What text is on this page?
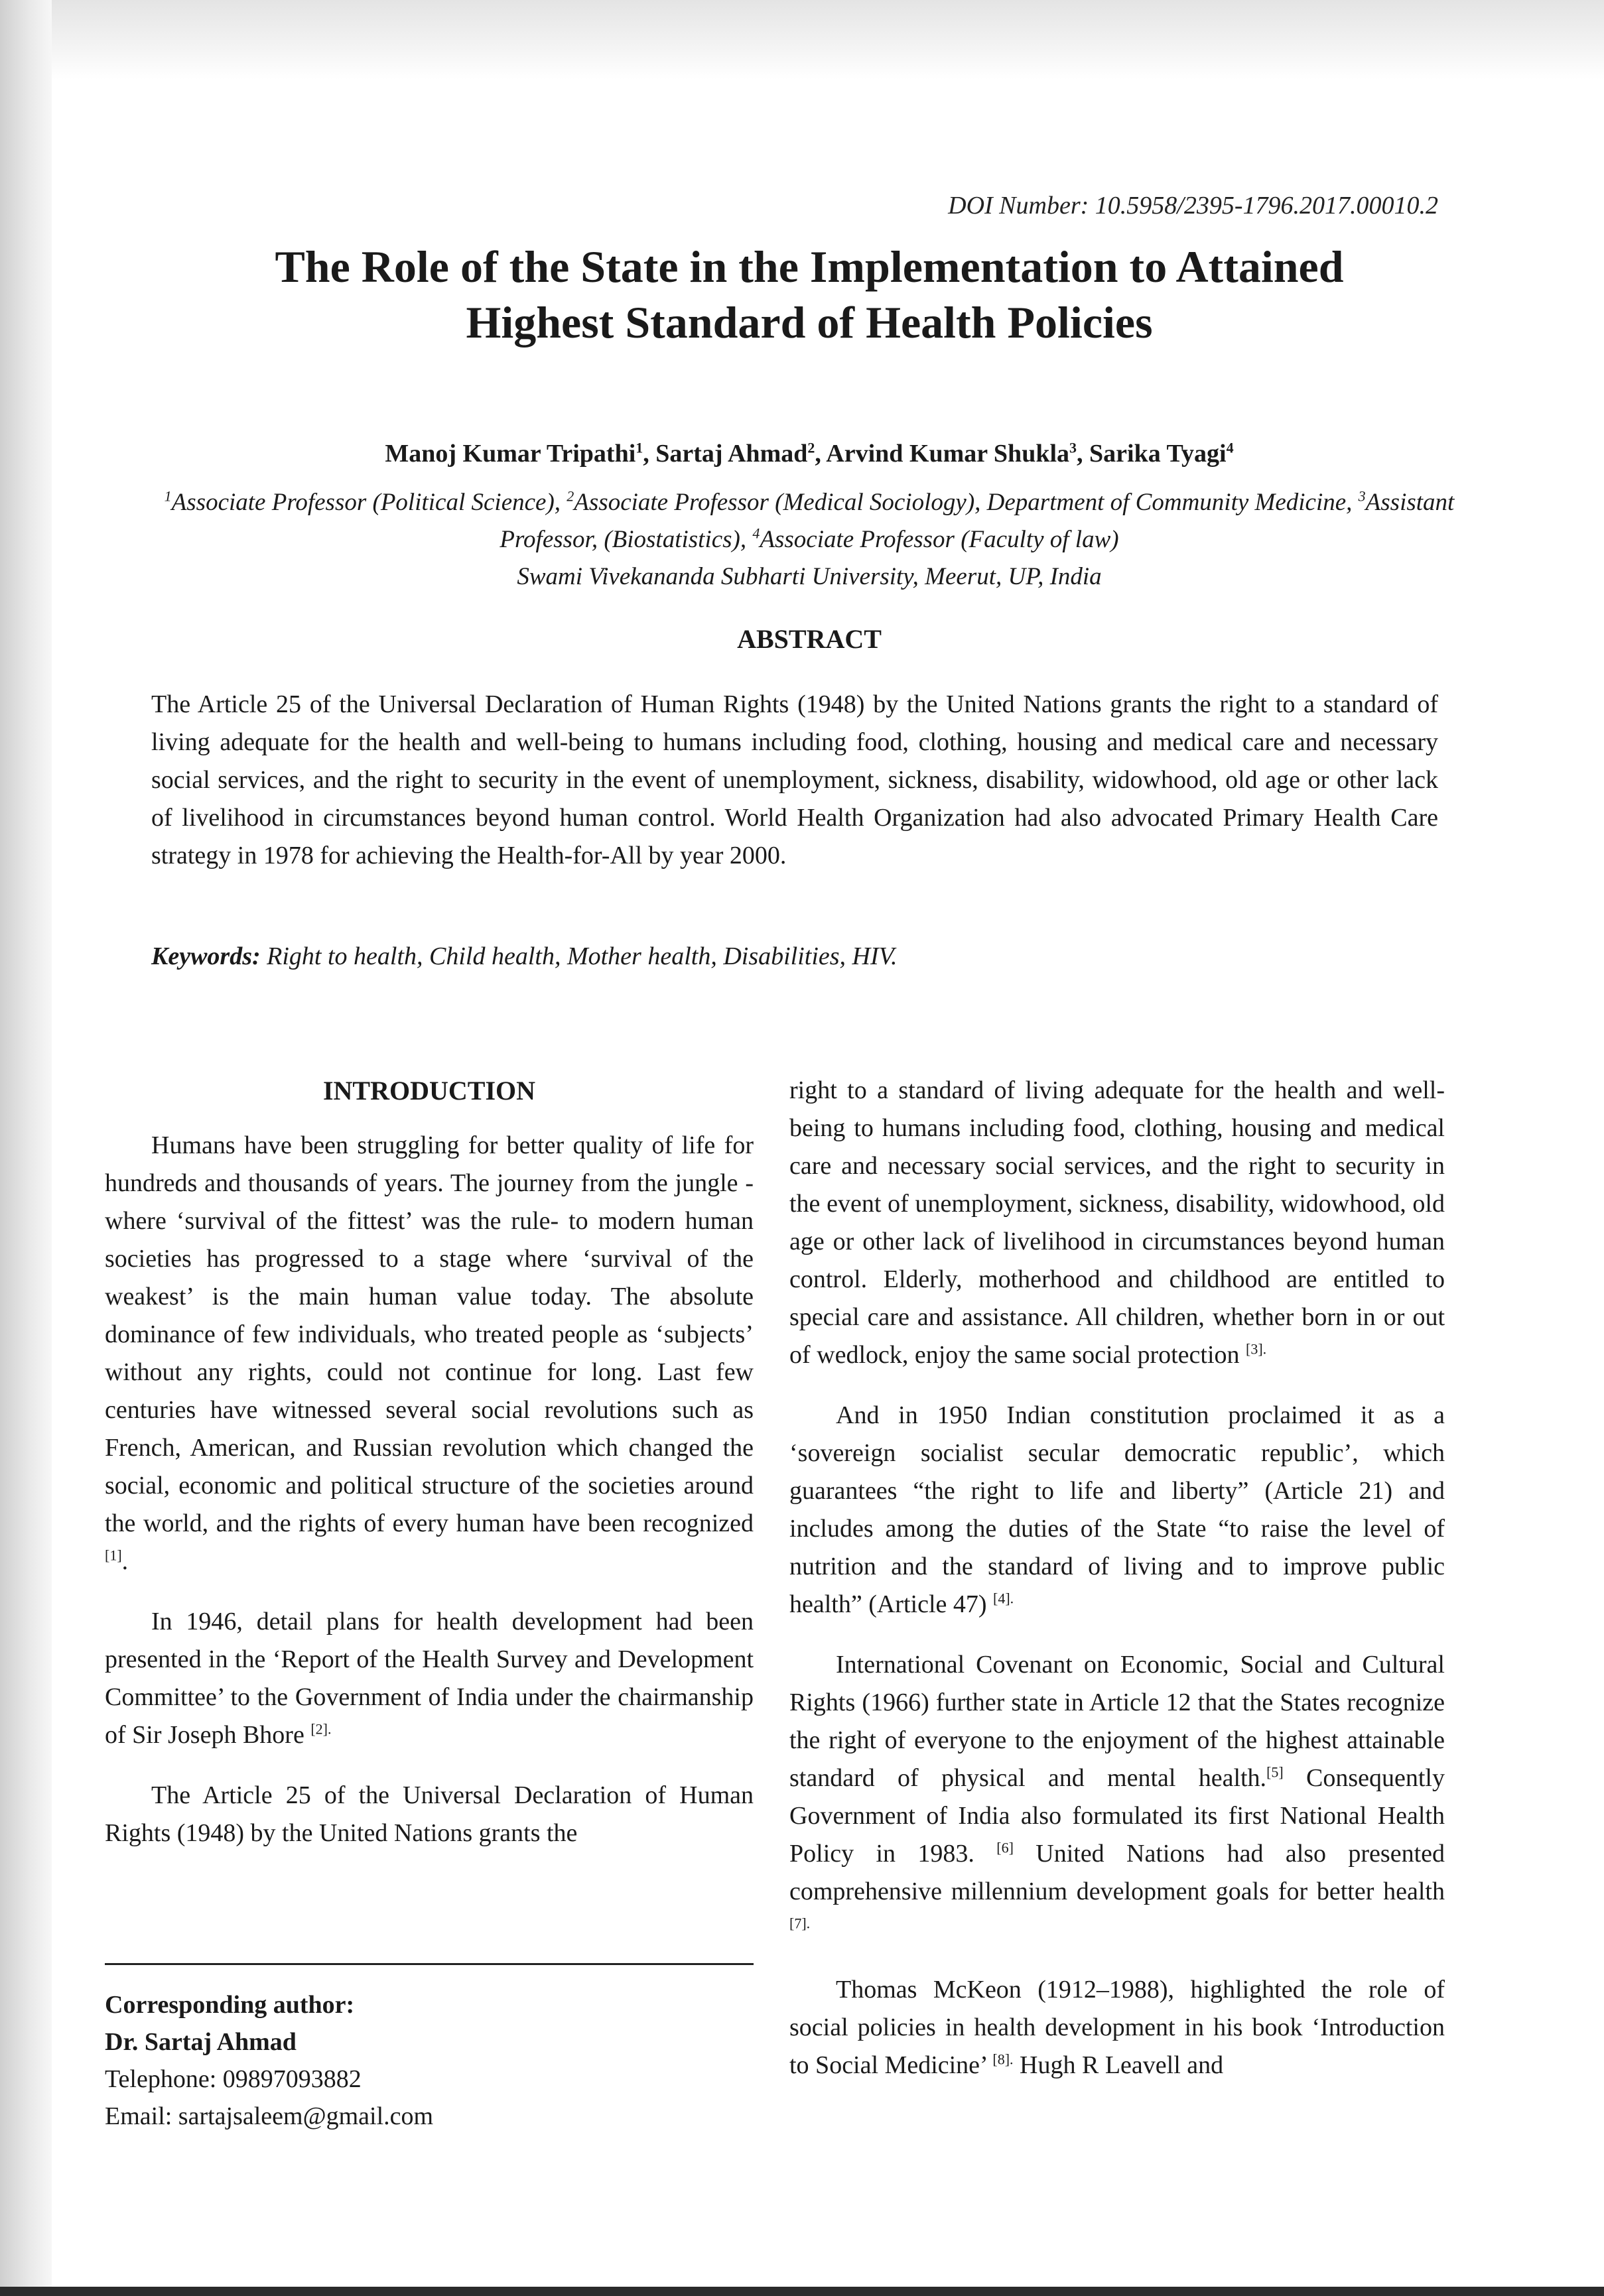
DOI Number: 10.5958/2395-1796.2017.00010.2
The Role of the State in the Implementation to Attained
Highest Standard of Health Policies
Manoj Kumar Tripathi$^1$, Sartaj Ahmad$^2$, Arvind Kumar Shukla$^3$, Sarika Tyagi$^4$
$^1$Associate Professor (Political Science), $^2$Associate Professor (Medical Sociology), Department of Community Medicine, $^3$Assistant Professor, (Biostatistics), $^4$Associate Professor (Faculty of law)
Swami Vivekananda Subharti University, Meerut, UP, India
ABSTRACT
The Article 25 of the Universal Declaration of Human Rights (1948) by the United Nations grants the right to a standard of living adequate for the health and well-being to humans including food, clothing, housing and medical care and necessary social services, and the right to security in the event of unemployment, sickness, disability, widowhood, old age or other lack of livelihood in circumstances beyond human control. World Health Organization had also advocated Primary Health Care strategy in 1978 for achieving the Health-for-All by year 2000.
Keywords: Right to health, Child health, Mother health, Disabilities, HIV.
INTRODUCTION

Humans have been struggling for better quality of life for hundreds and thousands of years. The journey from the jungle -where ‘survival of the fittest’ was the rule- to modern human societies has progressed to a stage where ‘survival of the weakest’ is the main human value today. The absolute dominance of few individuals, who treated people as ‘subjects’ without any rights, could not continue for long. Last few centuries have witnessed several social revolutions such as French, American, and Russian revolution which changed the social, economic and political structure of the societies around the world, and the rights of every human have been recognized [1].

In 1946, detail plans for health development had been presented in the ‘Report of the Health Survey and Development Committee’ to the Government of India under the chairmanship of Sir Joseph Bhore $^{[2].}$

The Article 25 of the Universal Declaration of Human Rights (1948) by the United Nations grants the

Corresponding author:
Dr. Sartaj Ahmad
Telephone: 09897093882
Email: sartajsaleem@gmail.com

right to a standard of living adequate for the health and well-being to humans including food, clothing, housing and medical care and necessary social services, and the right to security in the event of unemployment, sickness, disability, widowhood, old age or other lack of livelihood in circumstances beyond human control. Elderly, motherhood and childhood are entitled to special care and assistance. All children, whether born in or out of wedlock, enjoy the same social protection $^{[3].}$

And in 1950 Indian constitution proclaimed it as a ‘sovereign socialist secular democratic republic’, which guarantees “the right to life and liberty” (Article 21) and includes among the duties of the State “to raise the level of nutrition and the standard of living and to improve public health” (Article 47) $^{[4].}$

International Covenant on Economic, Social and Cultural Rights (1966) further state in Article 12 that the States recognize the right of everyone to the enjoyment of the highest attainable standard of physical and mental health.[5] Consequently Government of India also formulated its first National Health Policy in 1983. [6] United Nations had also presented comprehensive millennium development goals for better health $^{[7].}$

Thomas McKeon (1912–1988), highlighted the role of social policies in health development in his book ‘Introduction to Social Medicine’ $^{[8].}$ Hugh R Leavell and
